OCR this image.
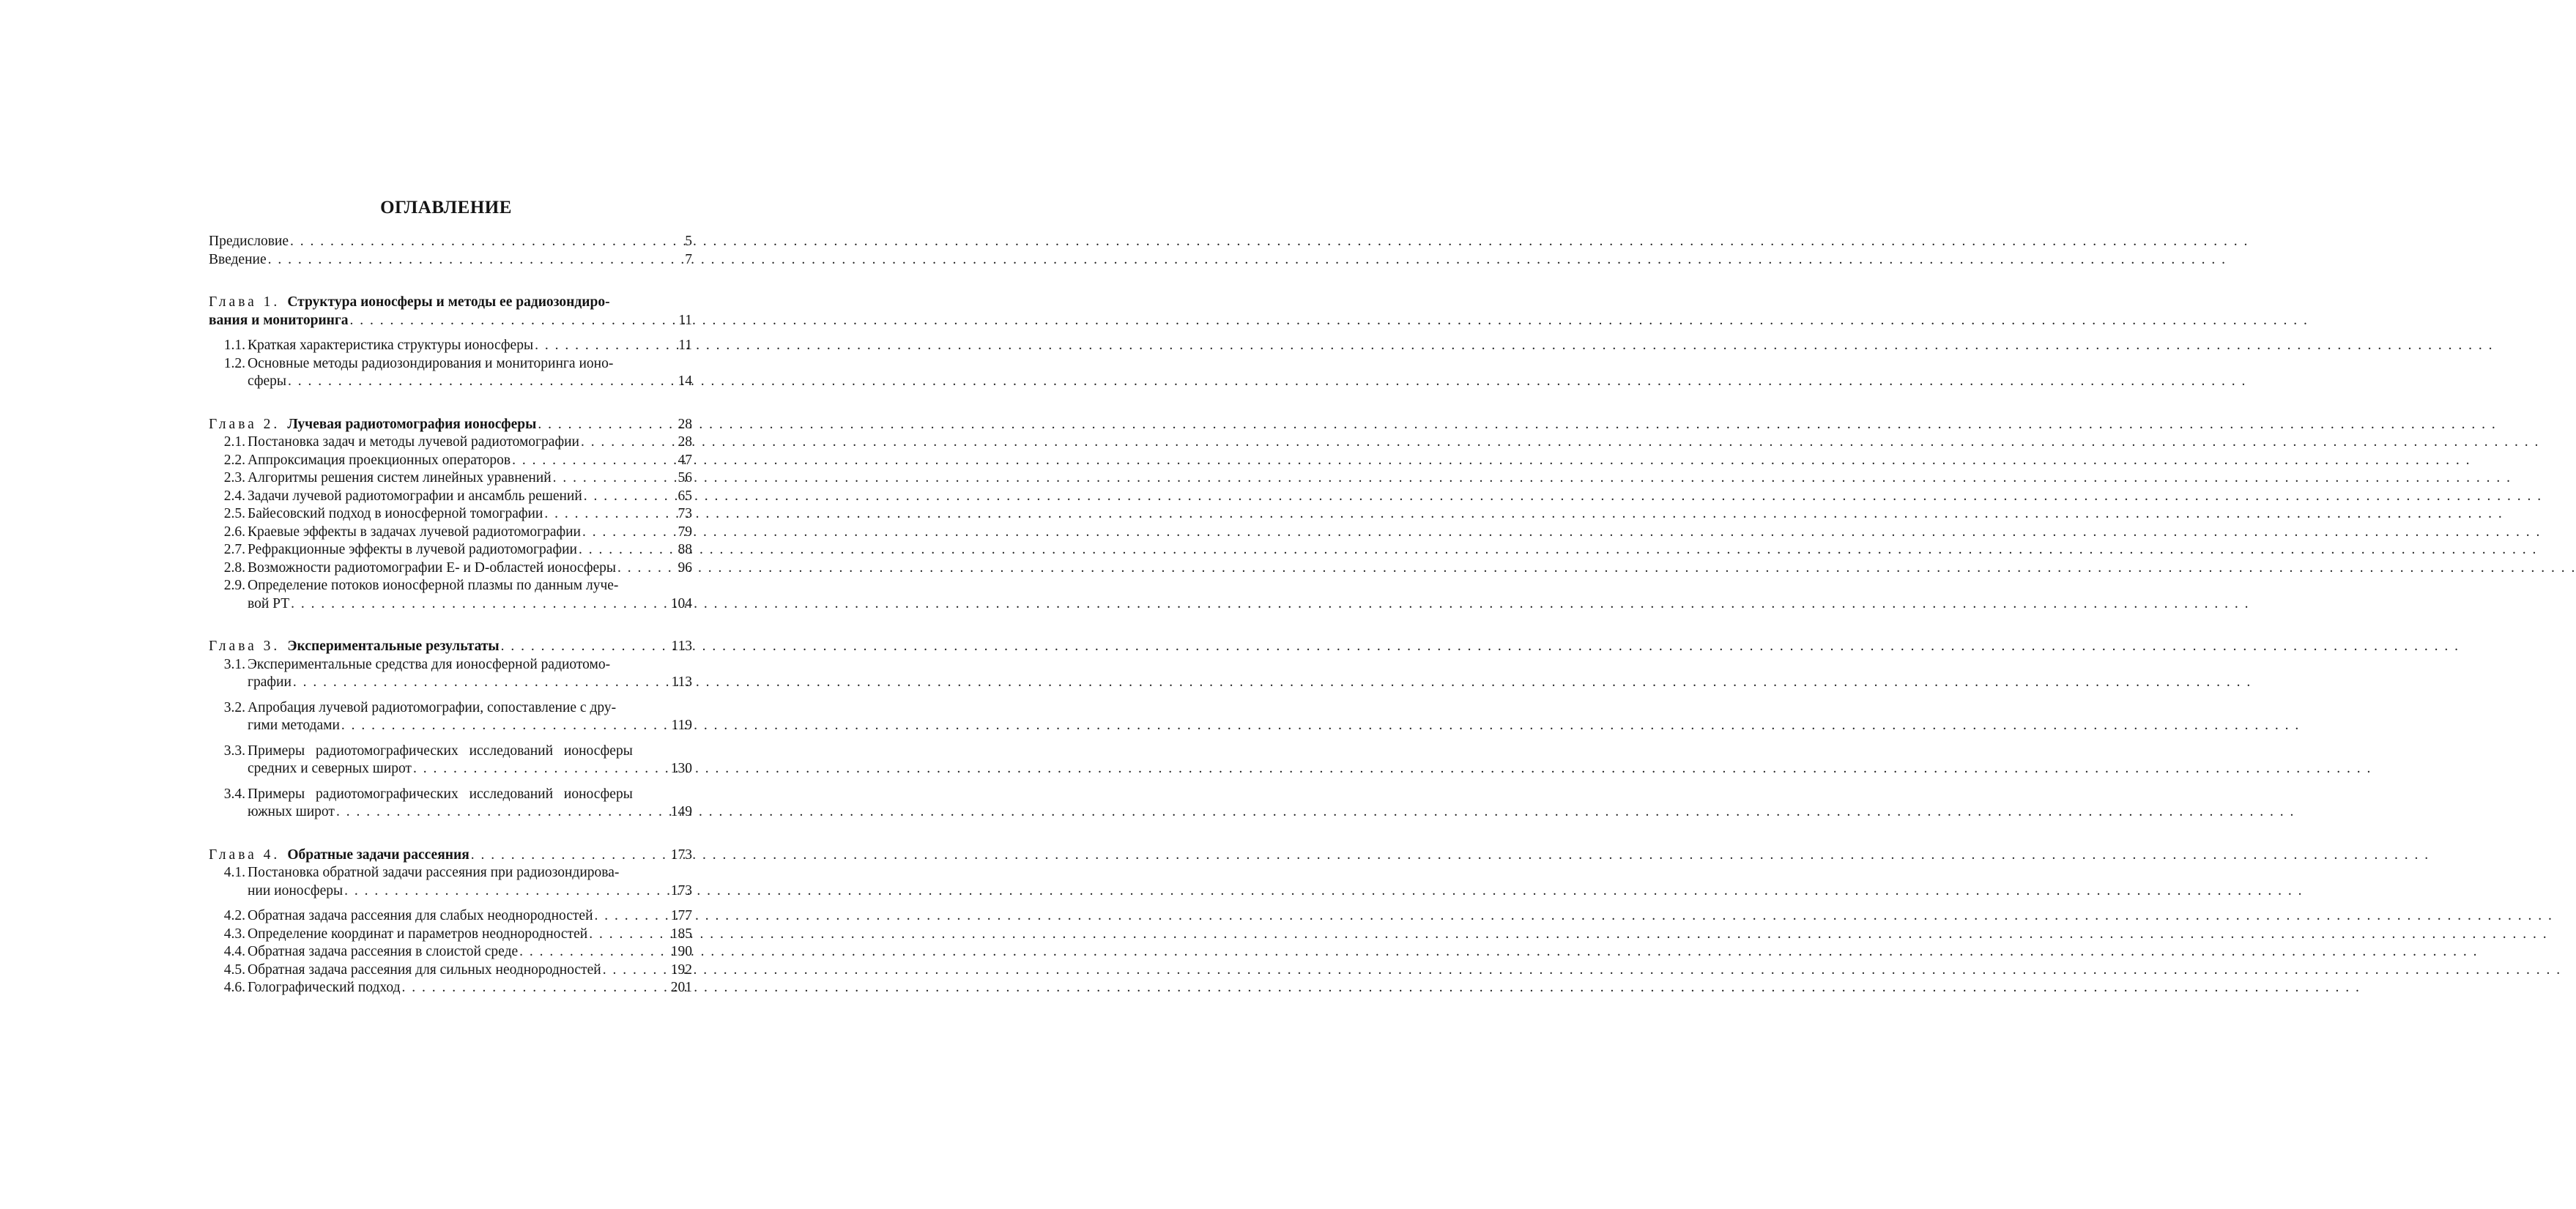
ОГЛАВЛЕНИЕ
Предисловие . . .	5
Введение . . .	7
Глава 1. Структура ионосферы и методы ее радиозондиро-
вания и мониторинга . . .	11
1.1. Краткая характеристика структуры ионосферы . . .	11
1.2. Основные методы радиозондирования и мониторинга ионо-
сферы . . .	14
Глава 2. Лучевая радиотомография ионосферы . . .	28
2.1. Постановка задач и методы лучевой радиотомографии . . .	28
2.2. Аппроксимация проекционных операторов . . .	47
2.3. Алгоритмы решения систем линейных уравнений . . .	56
2.4. Задачи лучевой радиотомографии и ансамбль решений . . .	65
2.5. Байесовский подход в ионосферной томографии . . .	73
2.6. Краевые эффекты в задачах лучевой радиотомографии . . .	79
2.7. Рефракционные эффекты в лучевой радиотомографии . . .	88
2.8. Возможности радиотомографии E- и D-областей ионосферы . . .	96
2.9. Определение потоков ионосферной плазмы по данным луче-
вой РТ . . .	104
Глава 3. Экспериментальные результаты . . .	113
3.1. Экспериментальные средства для ионосферной радиотомо-
графии . . .	113
3.2. Апробация лучевой радиотомографии, сопоставление с дру-
гими методами . . .	119
3.3. Примеры радиотомографических исследований ионосферы
средних и северных широт . . .	130
3.4. Примеры радиотомографических исследований ионосферы
южных широт . . .	149
Глава 4. Обратные задачи рассеяния . . .	173
4.1. Постановка обратной задачи рассеяния при радиозондирова-
нии ионосферы . . .	173
4.2. Обратная задача рассеяния для слабых неоднородностей . . .	177
4.3. Определение координат и параметров неоднородностей . . .	185
4.4. Обратная задача рассеяния в слоистой среде . . .	190
4.5. Обратная задача рассеяния для сильных неоднородностей . . .	192
4.6. Голографический подход . . .	201
